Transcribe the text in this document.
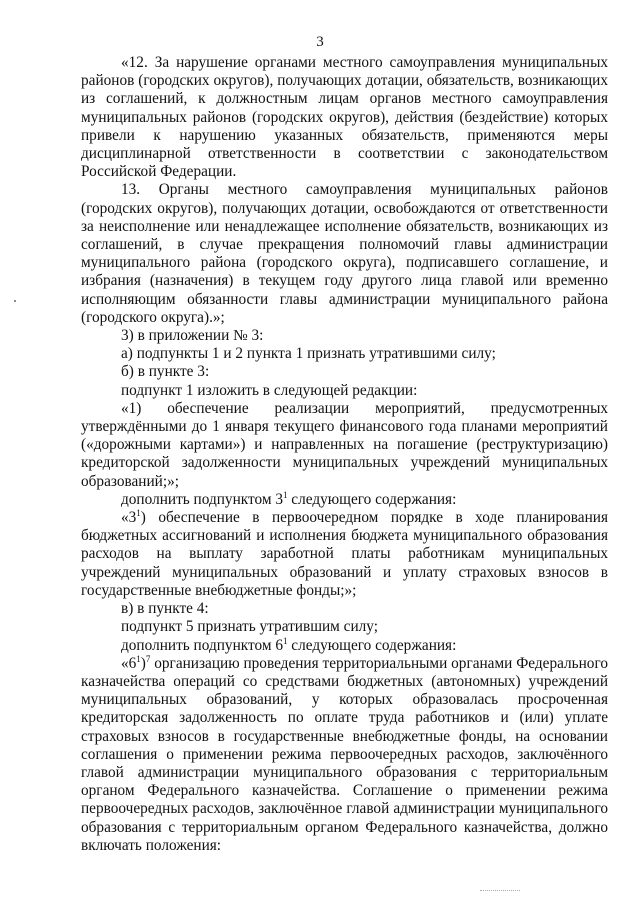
3

«12. За нарушение органами местного самоуправления муниципальных районов (городских округов), получающих дотации, обязательств, возникающих из соглашений, к должностным лицам органов местного самоуправления муниципальных районов (городских округов), действия (бездействие) которых привели к нарушению указанных обязательств, применяются меры дисциплинарной ответственности в соответствии с законодательством Российской Федерации.

13. Органы местного самоуправления муниципальных районов (городских округов), получающих дотации, освобождаются от ответственности за неисполнение или ненадлежащее исполнение обязательств, возникающих из соглашений, в случае прекращения полномочий главы администрации муниципального района (городского округа), подписавшего соглашение, и избрания (назначения) в текущем году другого лица главой или временно исполняющим обязанности главы администрации муниципального района (городского округа).»;

3) в приложении № 3:

а) подпункты 1 и 2 пункта 1 признать утратившими силу;

б) в пункте 3:

подпункт 1 изложить в следующей редакции:

«1) обеспечение реализации мероприятий, предусмотренных утверждёнными до 1 января текущего финансового года планами мероприятий («дорожными картами») и направленных на погашение (реструктуризацию) кредиторской задолженности муниципальных учреждений муниципальных образований;»;

дополнить подпунктом $3^1$ следующего содержания:

«$3^1$) обеспечение в первоочередном порядке в ходе планирования бюджетных ассигнований и исполнения бюджета муниципального образования расходов на выплату заработной платы работникам муниципальных учреждений муниципальных образований и уплату страховых взносов в государственные внебюджетные фонды;»;

в) в пункте 4:

подпункт 5 признать утратившим силу;

дополнить подпунктом $6^1$ следующего содержания:

«$6^1)^7$ организацию проведения территориальными органами Федерального казначейства операций со средствами бюджетных (автономных) учреждений муниципальных образований, у которых образовалась просроченная кредиторская задолженность по оплате труда работников и (или) уплате страховых взносов в государственные внебюджетные фонды, на основании соглашения о применении режима первоочередных расходов, заключённого главой администрации муниципального образования с территориальным органом Федерального казначейства. Соглашение о применении режима первоочередных расходов, заключённое главой администрации муниципального образования с территориальным органом Федерального казначейства, должно включать положения:
